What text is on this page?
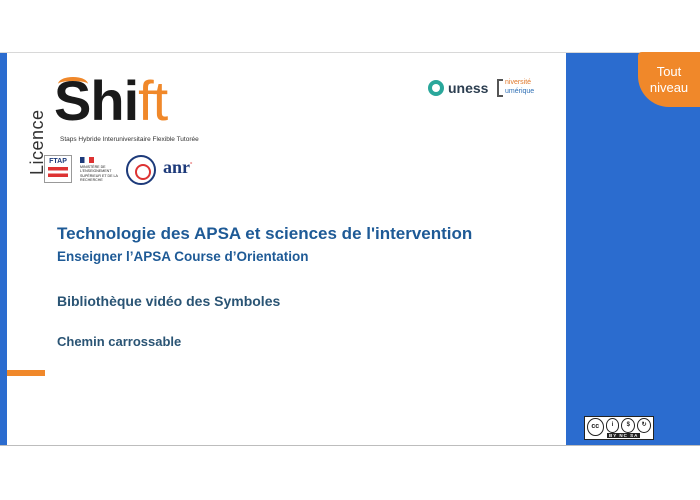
Licence
Shift
Staps Hybride Interuniversitaire Flexible Tutorée
FTAP
MINISTÈRE DE L'ENSEIGNEMENT SUPÉRIEUR ET DE LA RECHERCHE
anr°
uness niversité
umérique
Technologie des APSA et sciences de l'intervention
Enseigner l’APSA Course d’Orientation
Bibliothèque vidéo des Symboles
Chemin carrossable
cc	i	$	↻
BY NC SA
Tout
niveau
